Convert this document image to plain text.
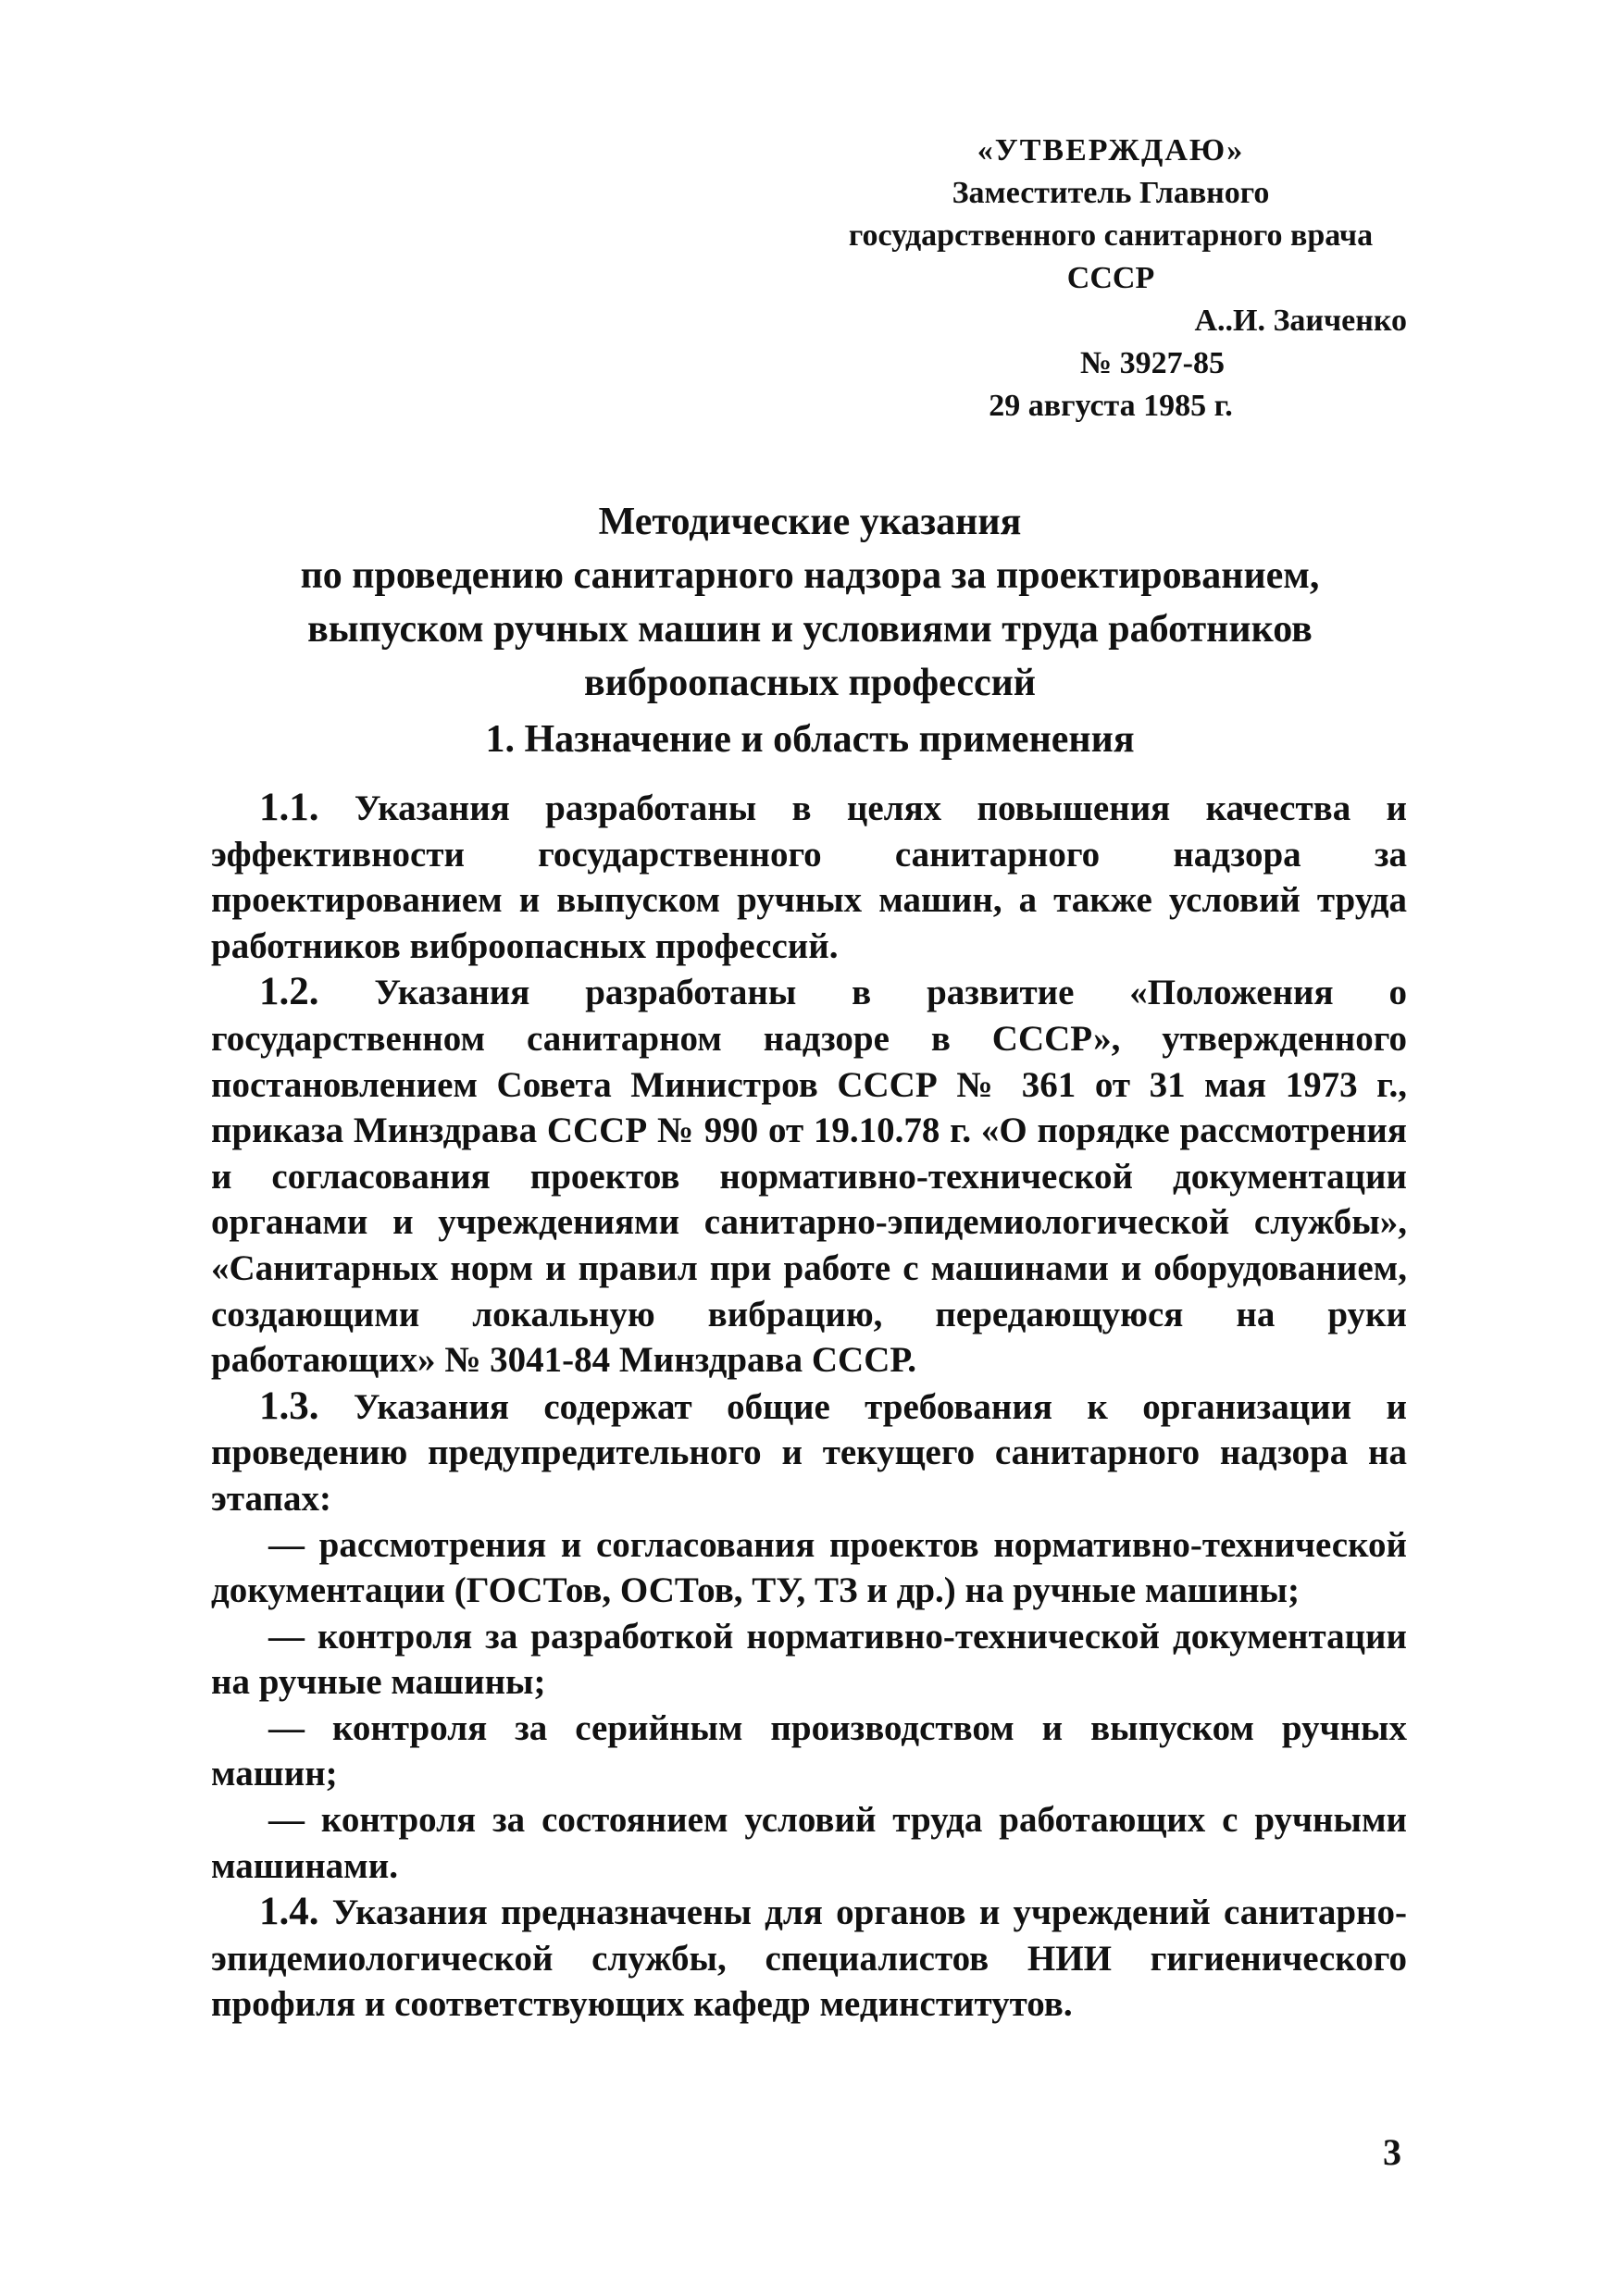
«УТВЕРЖДАЮ»
Заместитель Главного
государственного санитарного врача
СССР
А..И. Заиченко
№ 3927-85
29 августа 1985 г.
Методические указания
по проведению санитарного надзора за проектированием,
выпуском ручных машин и условиями труда работников
виброопасных профессий
1. Назначение и область применения

1.1. Указания разработаны в целях повышения качества и эффективности государственного санитарного надзора за проектированием и выпуском ручных машин, а также условий труда работников виброопасных профессий.

1.2. Указания разработаны в развитие «Положения о государственном санитарном надзоре в СССР», утвержденного постановлением Совета Министров СССР № 361 от 31 мая 1973 г., приказа Минздрава СССР № 990 от 19.10.78 г. «О порядке рассмотрения и согласования проектов нормативно-технической документации органами и учреждениями санитарно-эпидемиологической службы», «Санитарных норм и правил при работе с машинами и оборудованием, создающими локальную вибрацию, передающуюся на руки работающих» № 3041-84 Минздрава СССР.

1.3. Указания содержат общие требования к организации и проведению предупредительного и текущего санитарного надзора на этапах:

— рассмотрения и согласования проектов нормативно-технической документации (ГОСТов, ОСТов, ТУ, ТЗ и др.) на ручные машины;

— контроля за разработкой нормативно-технической документации на ручные машины;

— контроля за серийным производством и выпуском ручных машин;

— контроля за состоянием условий труда работающих с ручными машинами.

1.4. Указания предназначены для органов и учреждений санитарно-эпидемиологической службы, специалистов НИИ гигиенического профиля и соответствующих кафедр мединститутов.

3
